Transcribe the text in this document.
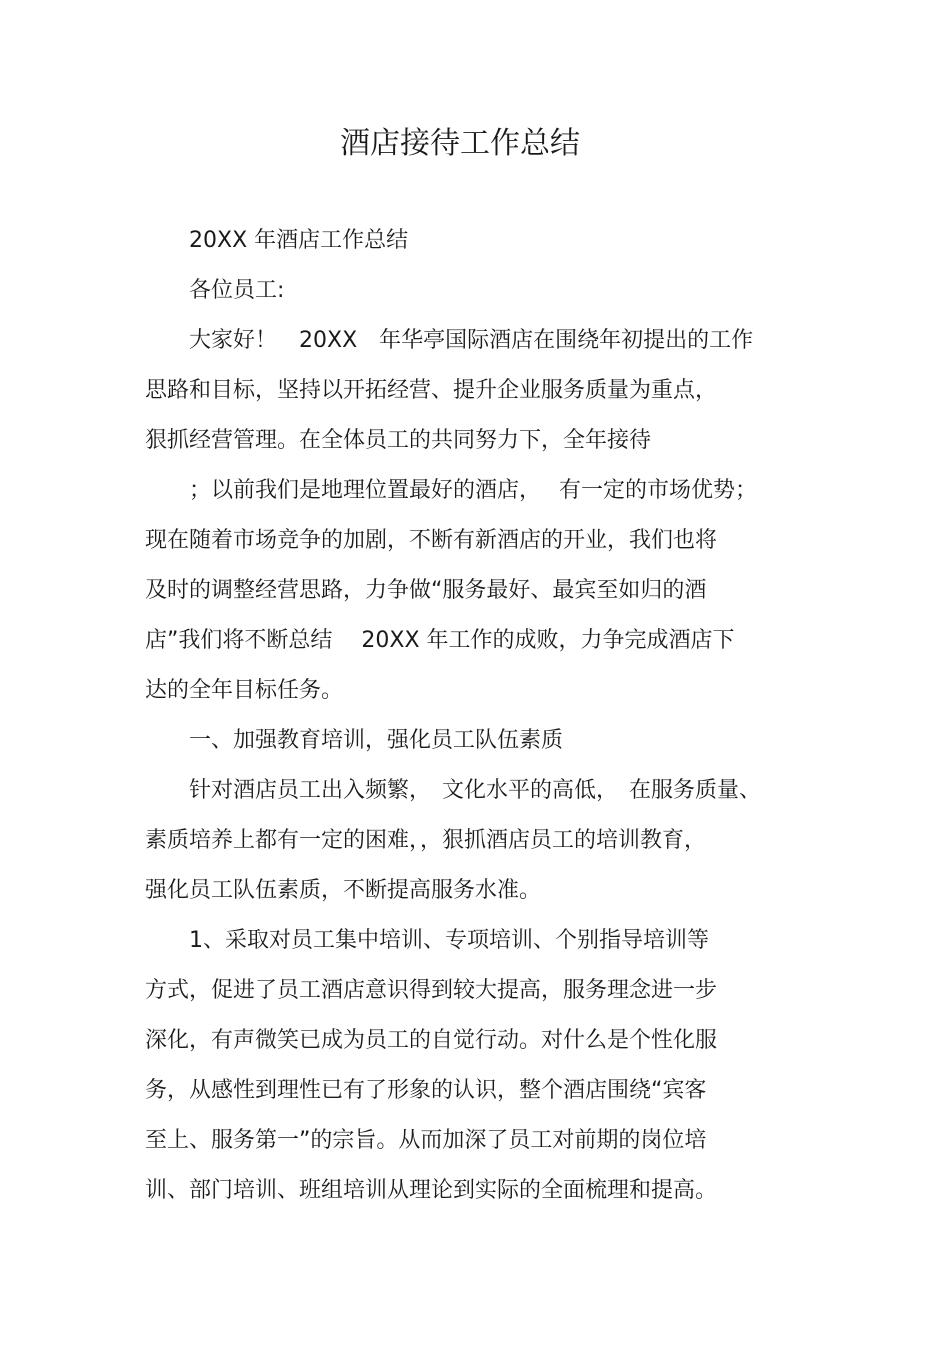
酒店接待工作总结
　　20XX 年酒店工作总结
　　各位员工:
　　大家好！　20XX　年华亭国际酒店在围绕年初提出的工作
思路和目标，坚持以开拓经营、提升企业服务质量为重点，
狠抓经营管理。在全体员工的共同努力下，全年接待
　　；以前我们是地理位置最好的酒店，　 有一定的市场优势；
现在随着市场竞争的加剧，不断有新酒店的开业，我们也将
及时的调整经营思路，力争做“服务最好、最宾至如归的酒
店”我们将不断总结　 20XX 年工作的成败，力争完成酒店下
达的全年目标任务。
　　一、加强教育培训，强化员工队伍素质
　　针对酒店员工出入频繁，　文化水平的高低，　在服务质量、
素质培养上都有一定的困难，，狠抓酒店员工的培训教育，
强化员工队伍素质，不断提高服务水准。
　　1、采取对员工集中培训、专项培训、个别指导培训等
方式，促进了员工酒店意识得到较大提高，服务理念进一步
深化，有声微笑已成为员工的自觉行动。对什么是个性化服
务，从感性到理性已有了形象的认识，整个酒店围绕“宾客
至上、服务第一”的宗旨。从而加深了员工对前期的岗位培
训、部门培训、班组培训从理论到实际的全面梳理和提高。
